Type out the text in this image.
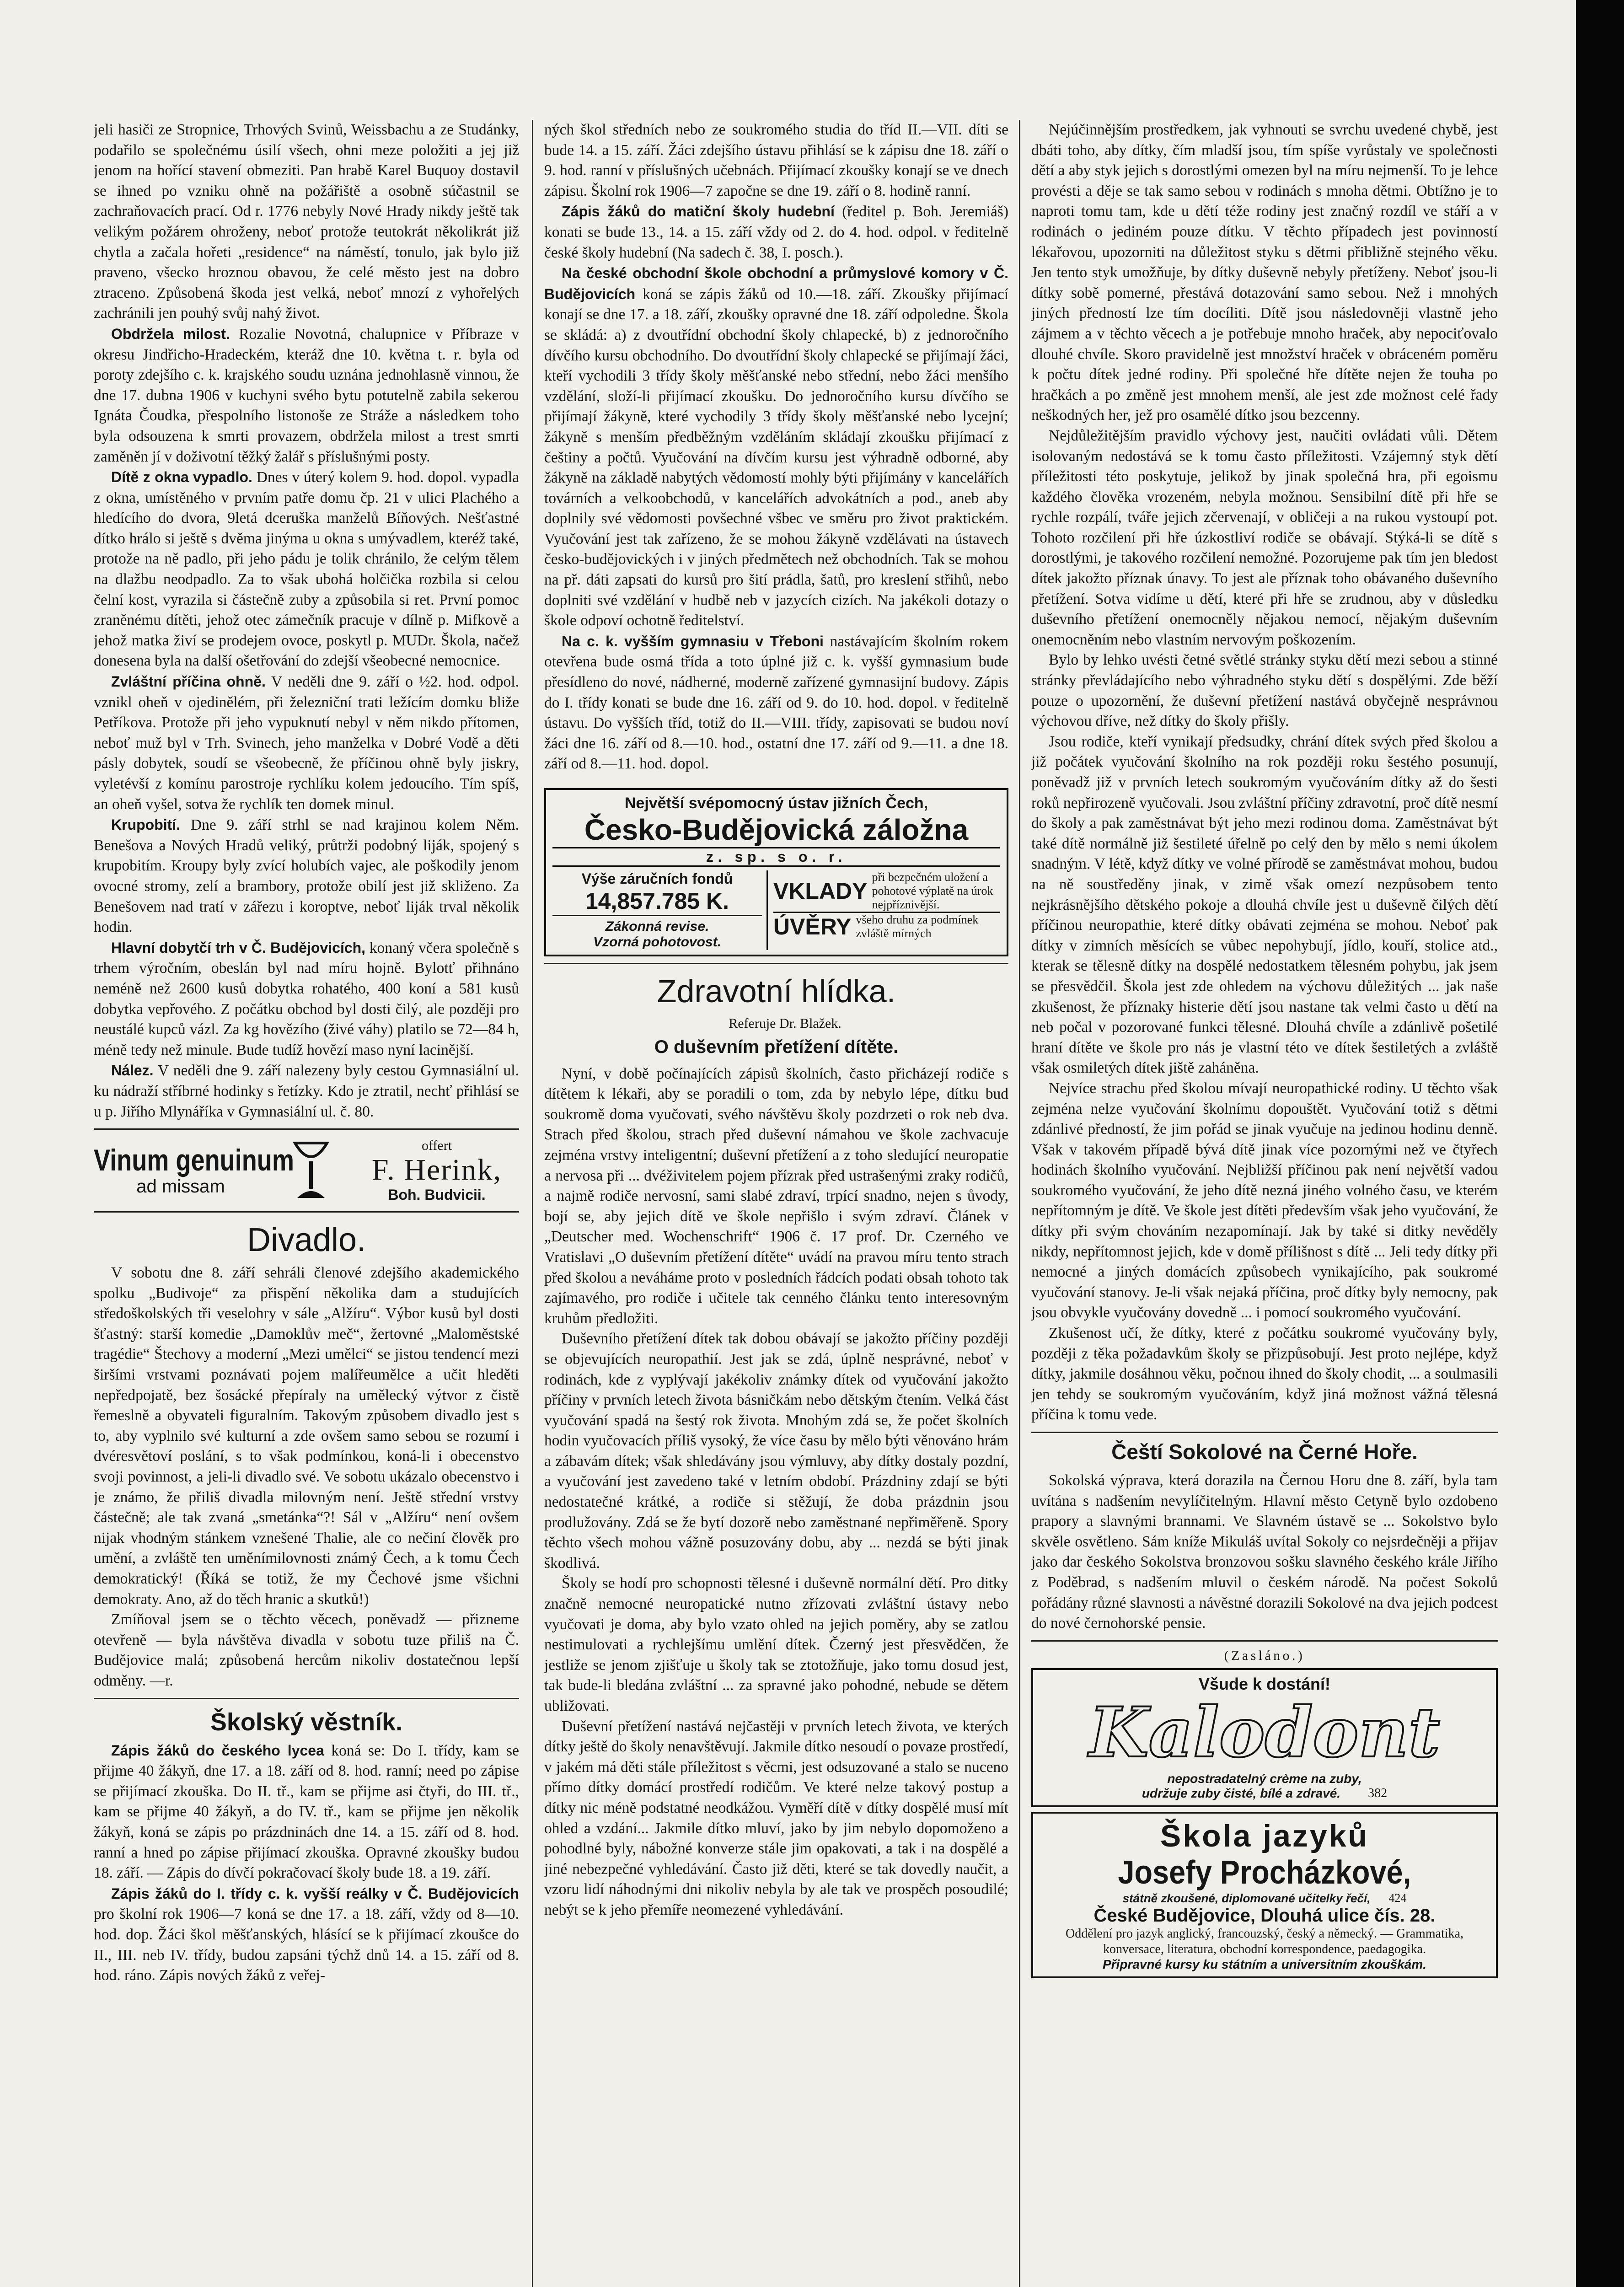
jeli hasiči ze Stropnice, Trhových Svinů, Weissbachu a ze Studánky, podařilo se společnému úsilí všech, ohni meze položiti a jej již jenom na hořící stavení obmeziti. Pan hrabě Karel Buquoy dostavil se ihned po vzniku ohně na požářiště a osobně súčastnil se zachraňovacích prací. Od r. 1776 nebyly Nové Hrady nikdy ještě tak velikým požárem ohroženy, neboť protože teutokrát několikrát již chytla a začala hořeti „residence“ na náměstí, tonulo, jak bylo již praveno, všecko hroznou obavou, že celé město jest na dobro ztraceno. Způsobená škoda jest velká, neboť mnozí z vyhořelých zachránili jen pouhý svůj nahý život.

Obdržela milost. Rozalie Novotná, chalupnice v Příbraze v okresu Jindřicho-Hradeckém, kteráž dne 10. května t. r. byla od poroty zdejšího c. k. krajského soudu uznána jednohlasně vinnou, že dne 17. dubna 1906 v kuchyni svého bytu potutelně zabila sekerou Ignáta Čoudka, přespolního listonoše ze Stráže a následkem toho byla odsouzena k smrti provazem, obdržela milost a trest smrti zaměněn jí v doživotní těžký žalář s příslušnými posty.

Dítě z okna vypadlo. Dnes v úterý kolem 9. hod. dopol. vypadla z okna, umístěného v prvním patře domu čp. 21 v ulici Plachého a hledícího do dvora, 9letá dceruška manželů Bíňových. Nešťastné dítko hrálo si ještě s dvěma jinýma u okna s umývadlem, kteréž také, protože na ně padlo, při jeho pádu je tolik chránilo, že celým tělem na dlažbu neodpadlo. Za to však ubohá holčička rozbila si celou čelní kost, vyrazila si částečně zuby a způsobila si ret. První pomoc zraněnému dítěti, jehož otec zámečník pracuje v dílně p. Mifkově a jehož matka živí se prodejem ovoce, poskytl p. MUDr. Škola, načež donesena byla na další ošetřování do zdejší všeobecné nemocnice.

Zvláštní příčina ohně. V neděli dne 9. září o ½2. hod. odpol. vznikl oheň v ojedinělém, při železniční trati ležícím domku bliže Petříkova. Protože při jeho vypuknutí nebyl v něm nikdo přítomen, neboť muž byl v Trh. Svinech, jeho manželka v Dobré Vodě a děti pásly dobytek, soudí se všeobecně, že příčinou ohně byly jiskry, vyletévší z komínu parostroje rychlíku kolem jedoucího. Tím spíš, an oheň vyšel, sotva že rychlík ten domek minul.

Krupobití. Dne 9. září strhl se nad krajinou kolem Něm. Benešova a Nových Hradů veliký, průtrži podobný liják, spojený s krupobitím. Kroupy byly zvící holubích vajec, ale poškodily jenom ovocné stromy, zelí a brambory, protože obilí jest již skliženo. Za Benešovem nad tratí v zářezu i koroptve, neboť liják trval několik hodin.

Hlavní dobytčí trh v Č. Budějovicích, konaný včera společně s trhem výročním, obeslán byl nad míru hojně. Bylotť přihnáno neméně než 2600 kusů dobytka rohatého, 400 koní a 581 kusů dobytka vepřového. Z počátku obchod byl dosti čilý, ale později pro neustálé kupců vázl. Za kg hovězího (živé váhy) platilo se 72—84 h, méně tedy než minule. Bude tudíž hovězí maso nyní lacinější.

Nález. V neděli dne 9. září nalezeny byly cestou Gymnasiální ul. ku nádraží stříbrné hodinky s řetízky. Kdo je ztratil, nechť přihlásí se u p. Jiřího Mlynáříka v Gymnasiální ul. č. 80.

Vinum genuinum
ad missam
offert
F. Herink,
Boh. Budvicii.
Divadlo.

V sobotu dne 8. září sehráli členové zdejšího akademického spolku „Budivoje“ za přispění několika dam a studujících středoškolských tři veselohry v sále „Alžíru“. Výbor kusů byl dosti šťastný: starší komedie „Damoklův meč“, žertovné „Maloměstské tragédie“ Štechovy a moderní „Mezi umělci“ se jistou tendencí mezi širšími vrstvami poznávati pojem malířeumělce a učit hleděti nepředpojatě, bez šosácké přepíraly na umělecký výtvor z čistě řemeslně a obyvateli figuralním. Takovým způsobem divadlo jest s to, aby vyplnilo své kulturní a zde ovšem samo sebou se rozumí i dvéresvětoví poslání, s to však podmínkou, koná-li i obecenstvo svoji povinnost, a jeli-li divadlo své. Ve sobotu ukázalo obecenstvo i je známo, že přiliš divadla milovným není. Ještě střední vrstvy částečně; ale tak zvaná „smetánka“?! Sál v „Alžíru“ není ovšem nijak vhodným stánkem vznešené Thalie, ale co nečiní člověk pro umění, a zvláště ten uměnímilovnosti známý Čech, a k tomu Čech demokratický! (Říká se totiž, že my Čechové jsme všichni demokraty. Ano, až do těch hranic a skutků!)

Zmíňoval jsem se o těchto věcech, poněvadž — přizneme otevřeně — byla návštěva divadla v sobotu tuze přiliš na Č. Budějovice malá; způsobená hercům nikoliv dostatečnou lepší odměny. —r.

Školský věstník.

Zápis žáků do českého lycea koná se: Do I. třídy, kam se přijme 40 žákyň, dne 17. a 18. září od 8. hod. ranní; need po zápise se přijímací zkouška. Do II. tř., kam se přijme asi čtyři, do III. tř., kam se přijme 40 žákyň, a do IV. tř., kam se přijme jen několik žákyň, koná se zápis po prázdninách dne 14. a 15. září od 8. hod. ranní a hned po zápise přijímací zkouška. Opravné zkoušky budou 18. září. — Zápis do dívčí pokračovací školy bude 18. a 19. září.

Zápis žáků do I. třídy c. k. vyšší reálky v Č. Budějovicích pro školní rok 1906—7 koná se dne 17. a 18. září, vždy od 8—10. hod. dop. Žáci škol měšťanských, hlásící se k přijímací zkoušce do II., III. neb IV. třídy, budou zapsáni týchž dnů 14. a 15. září od 8. hod. ráno. Zápis nových žáků z veřej-

ných škol středních nebo ze soukromého studia do tříd II.—VII. díti se bude 14. a 15. září. Žáci zdejšího ústavu přihlásí se k zápisu dne 18. září o 9. hod. ranní v příslušných učebnách. Přijímací zkoušky konají se ve dnech zápisu. Školní rok 1906—7 započne se dne 19. září o 8. hodině ranní.

Zápis žáků do matiční školy hudební (ředitel p. Boh. Jeremiáš) konati se bude 13., 14. a 15. září vždy od 2. do 4. hod. odpol. v ředitelně české školy hudební (Na sadech č. 38, I. posch.).

Na české obchodní škole obchodní a průmyslové komory v Č. Budějovicích koná se zápis žáků od 10.—18. září. Zkoušky přijímací konají se dne 17. a 18. září, zkoušky opravné dne 18. září odpoledne. Škola se skládá: a) z dvoutřídní obchodní školy chlapecké, b) z jednoročního dívčího kursu obchodního. Do dvoutřídní školy chlapecké se přijímají žáci, kteří vychodili 3 třídy školy měšťanské nebo střední, nebo žáci menšího vzdělání, složí-li přijímací zkoušku. Do jednoročního kursu dívčího se přijímají žákyně, které vychodily 3 třídy školy měšťanské nebo lycejní; žákyně s menším předběžným vzděláním skládají zkoušku přijímací z češtiny a počtů. Vyučování na dívčím kursu jest výhradně odborné, aby žákyně na základě nabytých vědomostí mohly býti přijímány v kancelářích továrních a velkoobchodů, v kancelářích advokátních a pod., aneb aby doplnily své vědomosti povšechné všbec ve směru pro život praktickém. Vyučování jest tak zařízeno, že se mohou žákyně vzdělávati na ústavech česko-budějovických i v jiných předmětech než obchodních. Tak se mohou na př. dáti zapsati do kursů pro šití prádla, šatů, pro kreslení střihů, nebo doplniti své vzdělání v hudbě neb v jazycích cizích. Na jakékoli dotazy o škole odpoví ochotně ředitelství.

Na c. k. vyšším gymnasiu v Třeboni nastávajícím školním rokem otevřena bude osmá třída a toto úplné již c. k. vyšší gymnasium bude přesídleno do nové, nádherné, moderně zařízené gymnasijní budovy. Zápis do I. třídy konati se bude dne 16. září od 9. do 10. hod. dopol. v ředitelně ústavu. Do vyšších tříd, totiž do II.—VIII. třídy, zapisovati se budou noví žáci dne 16. září od 8.—10. hod., ostatní dne 17. září od 9.—11. a dne 18. září od 8.—11. hod. dopol.

Největší svépomocný ústav jižních Čech,
Česko-Budějovická záložna
z. sp. s o. r.
Výše záručních fondů
14,857.785 K.
Zákonná revise.
Vzorná pohotovost.
VKLADY
při bezpečném uložení a pohotové výplatě na úrok nejpříznivější.
ÚVĚRY všeho druhu za podmínek zvláště mírných
Zdravotní hlídka.

Referuje Dr. Blažek.

O duševním přetížení dítěte.

Nyní, v době počínajících zápisů školních, často přicházejí rodiče s dítětem k lékaři, aby se poradili o tom, zda by nebylo lépe, dítku bud soukromě doma vyučovati, svého návštěvu školy pozdrzeti o rok neb dva. Strach před školou, strach před duševní námahou ve škole zachvacuje zejména vrstvy inteligentní; duševní přetížení a z toho sledující neuropatie a nervosa při ... dvéživitelem pojem přízrak před ustrašenými zraky rodičů, a najmě rodiče nervosní, sami slabé zdraví, trpící snadno, nejen s ůvody, bojí se, aby jejich dítě ve škole nepřišlo i svým zdraví. Článek v „Deutscher med. Wochenschrift“ 1906 č. 17 prof. Dr. Czerného ve Vratislavi „O duševním přetížení dítěte“ uvádí na pravou míru tento strach před školou a neváháme proto v posledních řádcích podati obsah tohoto tak zajímavého, pro rodiče i učitele tak cenného článku tento interesovným kruhům předložiti.

Duševního přetížení dítek tak dobou obávají se jakožto příčiny později se objevujících neuropathií. Jest jak se zdá, úplně nesprávné, neboť v rodinách, kde z vyplývají jakékoliv známky dítek od vyučování jakožto příčiny v prvních letech života básničkám nebo dětským čtením. Velká část vyučování spadá na šestý rok života. Mnohým zdá se, že počet školních hodin vyučovacích příliš vysoký, že více času by mělo býti věnováno hrám a zábavám dítek; však shledávány jsou výmluvy, aby dítky dostaly pozdní, a vyučování jest zavedeno také v letním období. Prázdniny zdají se býti nedostatečné krátké, a rodiče si stěžují, že doba prázdnin jsou prodlužovány. Zdá se že bytí dozorě nebo zaměstnané nepřiměřeně. Spory těchto všech mohou vážně posuzovány dobu, aby ... nezdá se býti jinak škodlivá.

Školy se hodí pro schopnosti tělesné i duševně normální dětí. Pro ditky značně nemocné neuropatické nutno zřízovati zvláštní ústavy nebo vyučovati je doma, aby bylo vzato ohled na jejich poměry, aby se zatlou nestimulovati a rychlejšímu umlění dítek. Čzerný jest přesvědčen, že jestliže se jenom zjišťuje u školy tak se ztotožňuje, jako tomu dosud jest, tak bude-li bledána zvláštní ... za spravné jako pohodné, nebude se dětem ubližovati.

Duševní přetížení nastává nejčastěji v prvních letech života, ve kterých dítky ještě do školy nenavštěvují. Jakmile dítko nesoudí o povaze prostředí, v jakém má děti stále příležitost s věcmi, jest odsuzované a stalo se nuceno přímo dítky domácí prostředí rodičům. Ve které nelze takový postup a dítky nic méně podstatné neodkážou. Vyměří dítě v dítky dospělé musí mít ohled a vzdání... Jakmile dítko mluví, jako by jim nebylo dopomoženo a pohodlné byly, nábožné konverze stále jim opakovati, a tak i na dospělé a jiné nebezpečné vyhledávání. Často již děti, které se tak dovedly naučit, a vzoru lidí náhodnými dni nikoliv nebyla by ale tak ve prospěch posoudilé; nebýt se k jeho přemíře neomezené vyhledávání.

Nejúčinnějším prostředkem, jak vyhnouti se svrchu uvedené chybě, jest dbáti toho, aby dítky, čím mladší jsou, tím spíše vyrůstaly ve společnosti dětí a aby styk jejich s dorostlými omezen byl na míru nejmenší. To je lehce provésti a děje se tak samo sebou v rodinách s mnoha dětmi. Obtížno je to naproti tomu tam, kde u dětí téže rodiny jest značný rozdíl ve stáří a v rodinách o jediném pouze dítku. V těchto případech jest povinností lékařovou, upozorniti na důležitost styku s dětmi přibližně stejného věku. Jen tento styk umožňuje, by dítky duševně nebyly přetíženy. Neboť jsou-li dítky sobě pomerné, přestává dotazování samo sebou. Než i mnohých jiných předností lze tím docíliti. Dítě jsou následovněji vlastně jeho zájmem a v těchto věcech a je potřebuje mnoho hraček, aby nepociťovalo dlouhé chvíle. Skoro pravidelně jest množství hraček v obráceném poměru k počtu dítek jedné rodiny. Při společné hře dítěte nejen že touha po hračkách a po změně jest mnohem menší, ale jest zde možnost celé řady neškodných her, jež pro osamělé dítko jsou bezcenny.

Nejdůležitějším pravidlo výchovy jest, naučiti ovládati vůli. Dětem isolovaným nedostává se k tomu často příležitosti. Vzájemný styk dětí příležitosti této poskytuje, jelikož by jinak společná hra, při egoismu každého člověka vrozeném, nebyla možnou. Sensibilní dítě při hře se rychle rozpálí, tváře jejich zčervenají, v obličeji a na rukou vystoupí pot. Tohoto rozčilení při hře úzkostliví rodiče se obávají. Stýká-li se dítě s dorostlými, je takového rozčilení nemožné. Pozorujeme pak tím jen bledost dítek jakožto příznak únavy. To jest ale příznak toho obávaného duševního přetížení. Sotva vidíme u dětí, které při hře se zrudnou, aby v důsledku duševního přetížení onemocněly nějakou nemocí, nějakým duševním onemocněním nebo vlastním nervovým poškozením.

Bylo by lehko uvésti četné světlé stránky styku dětí mezi sebou a stinné stránky převládajícího nebo výhradného styku dětí s dospělými. Zde běží pouze o upozornění, že duševní přetížení nastává obyčejně nesprávnou výchovou dříve, než dítky do školy přišly.

Jsou rodiče, kteří vynikají předsudky, chrání dítek svých před školou a již počátek vyučování školního na rok později roku šestého posunují, poněvadž již v prvních letech soukromým vyučováním dítky až do šesti roků nepřirozeně vyučovali. Jsou zvláštní příčiny zdravotní, proč dítě nesmí do školy a pak zaměstnávat být jeho mezi rodinou doma. Zaměstnávat být také dítě normálně již šestileté úřelně po celý den by mělo s nemi úkolem snadným. V létě, když dítky ve volné přírodě se zaměstnávat mohou, budou na ně soustředěny jinak, v zimě však omezí nezpůsobem tento nejkrásnějšího dětského pokoje a dlouhá chvíle jest u duševně čilých dětí příčinou neuropathie, které dítky obávati zejména se mohou. Neboť pak dítky v zimních měsících se vůbec nepohybují, jídlo, kouří, stolice atd., kterak se tělesně dítky na dospělé nedostatkem tělesném pohybu, jak jsem se přesvědčil. Škola jest zde ohledem na výchovu důležitých ... jak naše zkušenost, že příznaky histerie dětí jsou nastane tak velmi často u dětí na neb počal v pozorované funkci tělesné. Dlouhá chvíle a zdánlivě pošetilé hraní dítěte ve škole pro nás je vlastní této ve dítek šestiletých a zvláště však osmiletých dítek jiště zaháněna.

Nejvíce strachu před školou mívají neuropathické rodiny. U těchto však zejména nelze vyučování školnímu dopouštět. Vyučování totiž s dětmi zdánlivé předností, že jim pořád se jinak vyučuje na jedinou hodinu denně. Však v takovém případě bývá dítě jinak více pozornými než ve čtyřech hodinách školního vyučování. Nejbližší příčinou pak není největší vadou soukromého vyučování, že jeho dítě nezná jiného volného času, ve kterém nepřítomným je dítě. Ve škole jest dítěti především však jeho vyučování, že dítky při svým chováním nezapomínají. Jak by také si ditky nevěděly nikdy, nepřítomnost jejich, kde v domě přílišnost s dítě ... Jeli tedy dítky při nemocné a jiných domácích způsobech vynikajícího, pak soukromé vyučování stanovy. Je-li však nejaká příčina, proč dítky byly nemocny, pak jsou obvykle vyučovány dovedně ... i pomocí soukromého vyučování.

Zkušenost učí, že dítky, které z počátku soukromé vyučovány byly, později z těka požadavkům školy se přizpůsobují. Jest proto nejlépe, když dítky, jakmile dosáhnou věku, počnou ihned do školy chodit, ... a soulmasili jen tehdy se soukromým vyučováním, když jiná možnost vážná tělesná příčina k tomu vede.

Čeští Sokolové na Černé Hoře.

Sokolská výprava, která dorazila na Černou Horu dne 8. září, byla tam uvítána s nadšením nevylíčitelným. Hlavní město Cetyně bylo ozdobeno prapory a slavnými brannami. Ve Slavném ústavě se ... Sokolstvo bylo skvěle osvětleno. Sám kníže Mikuláš uvítal Sokoly co nejsrdečněji a přijav jako dar českého Sokolstva bronzovou sošku slavného českého krále Jiřího z Poděbrad, s nadšením mluvil o českém národě. Na počest Sokolů pořádány různé slavnosti a návěstné dorazili Sokolové na dva jejich podcest do nové černohorské pensie.

(Zasláno.)
Všude k dostání!
Kalodont
nepostradatelný crème na zuby,
udržuje zuby čisté, bílé a zdravé. 382
Škola jazyků
Josefy Procházkové,
státně zkoušené, diplomované učitelky řečí, 424
České Budějovice, Dlouhá ulice čís. 28.
Oddělení pro jazyk anglický, francouzský, český a německý. — Grammatika, konversace, literatura, obchodní korrespondence, paedagogika.
Připravné kursy ku státním a universitním zkouškám.
